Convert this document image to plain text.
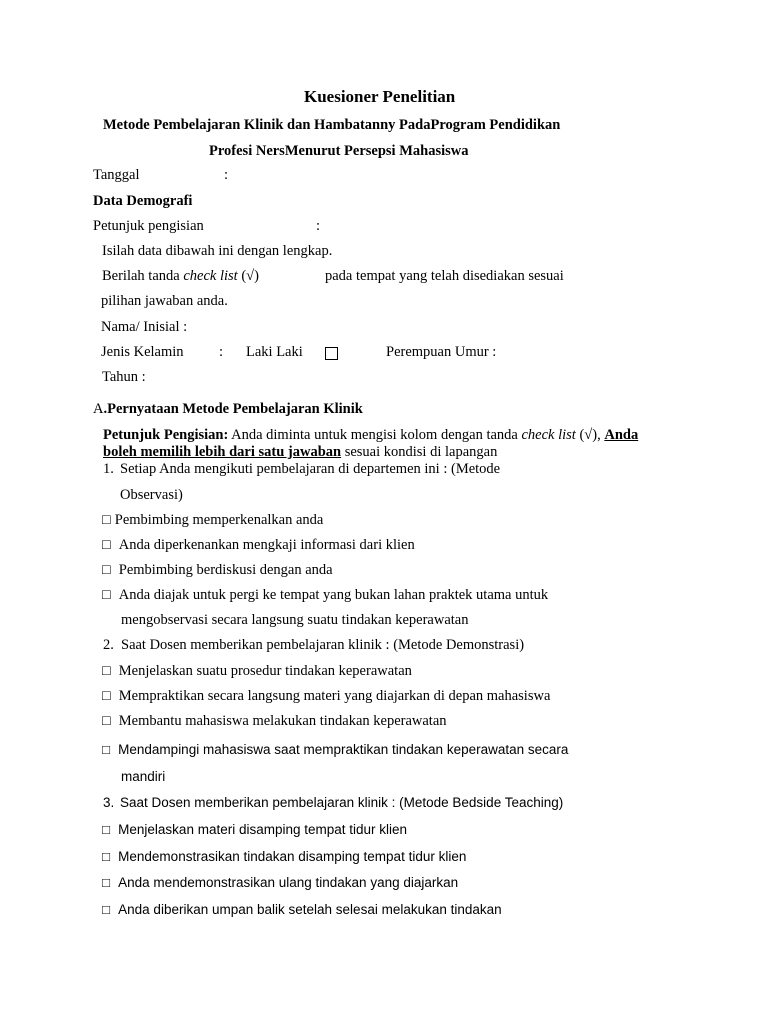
Kuesioner Penelitian
Metode Pembelajaran Klinik dan Hambatanny PadaProgram Pendidikan
Profesi NersMenurut Persepsi Mahasiswa
Tanggal	:
Data Demografi
Petunjuk pengisian	:
Isilah data dibawah ini dengan lengkap.
Berilah tanda check list (√)	pada tempat yang telah disediakan sesuai
pilihan jawaban anda.
Nama/ Inisial :
Jenis Kelamin : Laki Laki	Perempuan Umur :
Tahun :
A.Pernyataan Metode Pembelajaran Klinik
Petunjuk Pengisian: Anda diminta untuk mengisi kolom dengan tanda check list (√), Anda
boleh memilih lebih dari satu jawaban sesuai kondisi di lapangan
1. Setiap Anda mengikuti pembelajaran di departemen ini : (Metode
Observasi)
□ Pembimbing memperkenalkan anda
□ Anda diperkenankan mengkaji informasi dari klien
□ Pembimbing berdiskusi dengan anda
□ Anda diajak untuk pergi ke tempat yang bukan lahan praktek utama untuk
mengobservasi secara langsung suatu tindakan keperawatan
2. Saat Dosen memberikan pembelajaran klinik : (Metode Demonstrasi)
□ Menjelaskan suatu prosedur tindakan keperawatan
□ Mempraktikan secara langsung materi yang diajarkan di depan mahasiswa
□ Membantu mahasiswa melakukan tindakan keperawatan
□ Mendampingi mahasiswa saat mempraktikan tindakan keperawatan secara
mandiri
3. Saat Dosen memberikan pembelajaran klinik : (Metode Bedside Teaching)
□ Menjelaskan materi disamping tempat tidur klien
□ Mendemonstrasikan tindakan disamping tempat tidur klien
□ Anda mendemonstrasikan ulang tindakan yang diajarkan
□ Anda diberikan umpan balik setelah selesai melakukan tindakan
